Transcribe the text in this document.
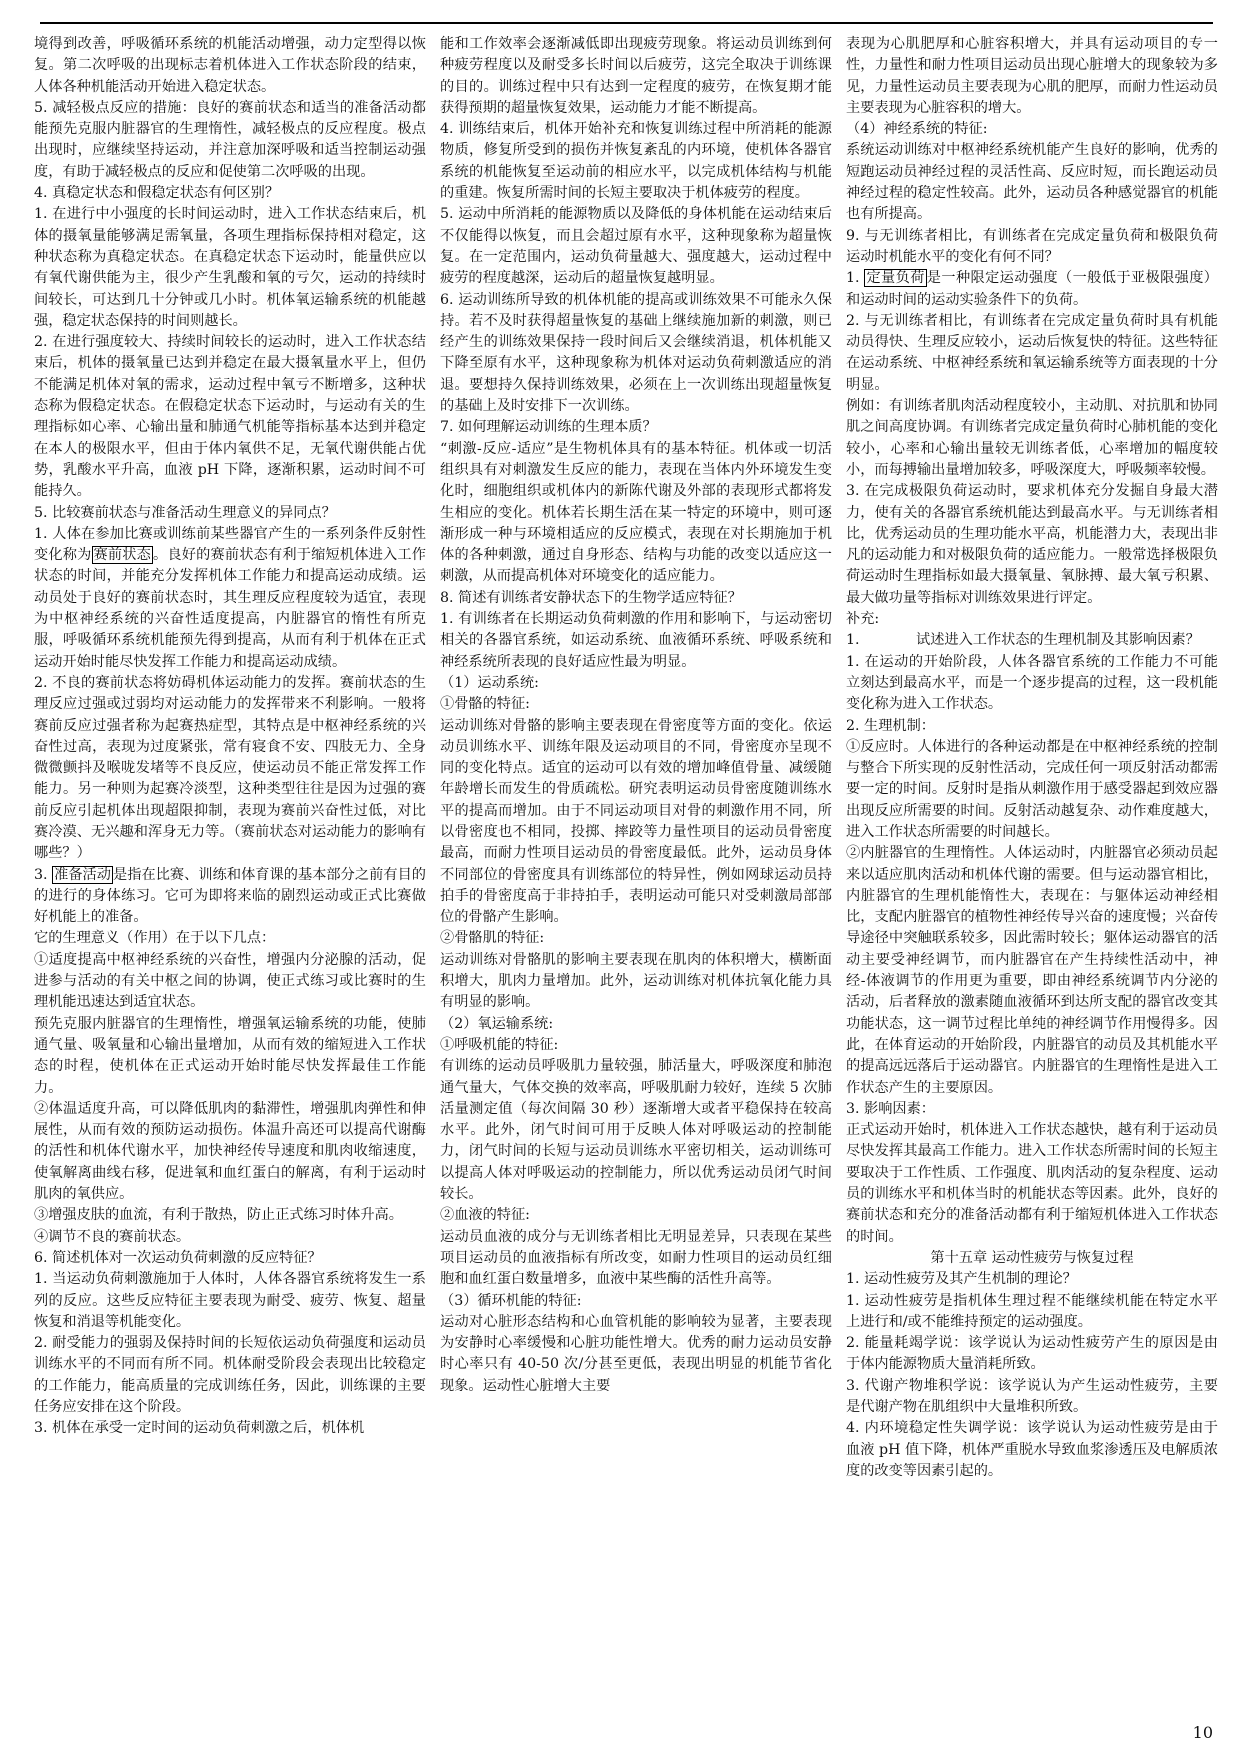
境得到改善，呼吸循环系统的机能活动增强，动力定型得以恢复。第二次呼吸的出现标志着机体进入工作状态阶段的结束，人体各种机能活动开始进入稳定状态。

5. 减轻极点反应的措施：良好的赛前状态和适当的准备活动都能预先克服内脏器官的生理惰性，减轻极点的反应程度。极点出现时，应继续坚持运动，并注意加深呼吸和适当控制运动强度，有助于减轻极点的反应和促使第二次呼吸的出现。

4. 真稳定状态和假稳定状态有何区别？

1. 在进行中小强度的长时间运动时，进入工作状态结束后，机体的摄氧量能够满足需氧量，各项生理指标保持相对稳定，这种状态称为真稳定状态。在真稳定状态下运动时，能量供应以有氧代谢供能为主，很少产生乳酸和氧的亏欠，运动的持续时间较长，可达到几十分钟或几小时。机体氧运输系统的机能越强，稳定状态保持的时间则越长。

2. 在进行强度较大、持续时间较长的运动时，进入工作状态结束后，机体的摄氧量已达到并稳定在最大摄氧量水平上，但仍不能满足机体对氧的需求，运动过程中氧亏不断增多，这种状态称为假稳定状态。在假稳定状态下运动时，与运动有关的生理指标如心率、心输出量和肺通气机能等指标基本达到并稳定在本人的极限水平，但由于体内氧供不足，无氧代谢供能占优势，乳酸水平升高，血液 pH 下降，逐渐积累，运动时间不可能持久。

5. 比较赛前状态与准备活动生理意义的异同点？

1. 人体在参加比赛或训练前某些器官产生的一系列条件反射性变化称为 赛前状态 。良好的赛前状态有利于缩短机体进入工作状态的时间，并能充分发挥机体工作能力和提高运动成绩。运动员处于良好的赛前状态时，其生理反应程度较为适宜，表现为中枢神经系统的兴奋性适度提高，内脏器官的惰性有所克服，呼吸循环系统机能预先得到提高，从而有利于机体在正式运动开始时能尽快发挥工作能力和提高运动成绩。

2. 不良的赛前状态将妨碍机体运动能力的发挥。赛前状态的生理反应过强或过弱均对运动能力的发挥带来不利影响。一般将赛前反应过强者称为起赛热症型，其特点是中枢神经系统的兴奋性过高，表现为过度紧张，常有寝食不安、四肢无力、全身微微颤抖及喉咙发堵等不良反应，使运动员不能正常发挥工作能力。另一种则为起赛冷淡型，这种类型往往是因为过强的赛前反应引起机体出现超限抑制，表现为赛前兴奋性过低，对比赛冷漠、无兴趣和浑身无力等。（赛前状态对运动能力的影响有哪些？）

3. 准备活动 是指在比赛、训练和体育课的基本部分之前有目的的进行的身体练习。它可为即将来临的剧烈运动或正式比赛做好机能上的准备。

它的生理意义（作用）在于以下几点：

①适度提高中枢神经系统的兴奋性，增强内分泌腺的活动，促进参与活动的有关中枢之间的协调，使正式练习或比赛时的生理机能迅速达到适宜状态。

预先克服内脏器官的生理惰性，增强氧运输系统的功能，使肺通气量、吸氧量和心输出量增加，从而有效的缩短进入工作状态的时程，使机体在正式运动开始时能尽快发挥最佳工作能力。

②体温适度升高，可以降低肌肉的黏滞性，增强肌肉弹性和伸展性，从而有效的预防运动损伤。体温升高还可以提高代谢酶的活性和机体代谢水平，加快神经传导速度和肌肉收缩速度，使氧解离曲线右移，促进氧和血红蛋白的解离，有利于运动时肌肉的氧供应。

③增强皮肤的血流，有利于散热，防止正式练习时体升高。

④调节不良的赛前状态。

6. 简述机体对一次运动负荷刺激的反应特征？

1. 当运动负荷刺激施加于人体时，人体各器官系统将发生一系列的反应。这些反应特征主要表现为耐受、疲劳、恢复、超量恢复和消退等机能变化。

2. 耐受能力的强弱及保持时间的长短依运动负荷强度和运动员训练水平的不同而有所不同。机体耐受阶段会表现出比较稳定的工作能力，能高质量的完成训练任务，因此，训练课的主要任务应安排在这个阶段。

3. 机体在承受一定时间的运动负荷刺激之后，机体机

能和工作效率会逐渐减低即出现疲劳现象。将运动员训练到何种疲劳程度以及耐受多长时间以后疲劳，这完全取决于训练课的目的。训练过程中只有达到一定程度的疲劳，在恢复期才能获得预期的超量恢复效果，运动能力才能不断提高。

4. 训练结束后，机体开始补充和恢复训练过程中所消耗的能源物质，修复所受到的损伤并恢复紊乱的内环境，使机体各器官系统的机能恢复至运动前的相应水平，以完成机体结构与机能的重建。恢复所需时间的长短主要取决于机体疲劳的程度。

5. 运动中所消耗的能源物质以及降低的身体机能在运动结束后不仅能得以恢复，而且会超过原有水平，这种现象称为超量恢复。在一定范围内，运动负荷量越大、强度越大，运动过程中疲劳的程度越深，运动后的超量恢复越明显。

6. 运动训练所导致的机体机能的提高或训练效果不可能永久保持。若不及时获得超量恢复的基础上继续施加新的刺激，则已经产生的训练效果保持一段时间后又会继续消退，机体机能又下降至原有水平，这种现象称为机体对运动负荷刺激适应的消退。要想持久保持训练效果，必须在上一次训练出现超量恢复的基础上及时安排下一次训练。

7. 如何理解运动训练的生理本质？

“刺激-反应-适应”是生物机体具有的基本特征。机体或一切活组织具有对刺激发生反应的能力，表现在当体内外环境发生变化时，细胞组织或机体内的新陈代谢及外部的表现形式都将发生相应的变化。机体若长期生活在某一特定的环境中，则可逐渐形成一种与环境相适应的反应模式，表现在对长期施加于机体的各种刺激，通过自身形态、结构与功能的改变以适应这一刺激，从而提高机体对环境变化的适应能力。

8. 简述有训练者安静状态下的生物学适应特征？

1. 有训练者在长期运动负荷刺激的作用和影响下，与运动密切相关的各器官系统，如运动系统、血液循环系统、呼吸系统和神经系统所表现的良好适应性最为明显。

（1）运动系统:

①骨骼的特征:

运动训练对骨骼的影响主要表现在骨密度等方面的变化。依运动员训练水平、训练年限及运动项目的不同，骨密度亦呈现不同的变化特点。适宜的运动可以有效的增加峰值骨量、减缓随年龄增长而发生的骨质疏松。研究表明运动员骨密度随训练水平的提高而增加。由于不同运动项目对骨的刺激作用不同，所以骨密度也不相同，投掷、摔跤等力量性项目的运动员骨密度最高，而耐力性项目运动员的骨密度最低。此外，运动员身体不同部位的骨密度具有训练部位的特异性，例如网球运动员持拍手的骨密度高于非持拍手，表明运动可能只对受刺激局部部位的骨骼产生影响。

②骨骼肌的特征:

运动训练对骨骼肌的影响主要表现在肌肉的体积增大，横断面积增大，肌肉力量增加。此外，运动训练对机体抗氧化能力具有明显的影响。

（2）氧运输系统:

①呼吸机能的特征:

有训练的运动员呼吸肌力量较强，肺活量大，呼吸深度和肺泡通气量大，气体交换的效率高，呼吸肌耐力较好，连续 5 次肺活量测定值（每次间隔 30 秒）逐渐增大或者平稳保持在较高水平。此外，闭气时间可用于反映人体对呼吸运动的控制能力，闭气时间的长短与运动员训练水平密切相关，运动训练可以提高人体对呼吸运动的控制能力，所以优秀运动员闭气时间较长。

②血液的特征:

运动员血液的成分与无训练者相比无明显差异，只表现在某些项目运动员的血液指标有所改变，如耐力性项目的运动员红细胞和血红蛋白数量增多，血液中某些酶的活性升高等。

（3）循环机能的特征:

运动对心脏形态结构和心血管机能的影响较为显著，主要表现为安静时心率缓慢和心脏功能性增大。优秀的耐力运动员安静时心率只有 40-50 次/分甚至更低，表现出明显的机能节省化现象。运动性心脏增大主要

表现为心肌肥厚和心脏容积增大，并具有运动项目的专一性，力量性和耐力性项目运动员出现心脏增大的现象较为多见，力量性运动员主要表现为心肌的肥厚，而耐力性运动员主要表现为心脏容积的增大。

（4）神经系统的特征:

系统运动训练对中枢神经系统机能产生良好的影响，优秀的短跑运动员神经过程的灵活性高、反应时短，而长跑运动员神经过程的稳定性较高。此外，运动员各种感觉器官的机能也有所提高。

9. 与无训练者相比，有训练者在完成定量负荷和极限负荷运动时机能水平的变化有何不同？

1. 定量负荷 是一种限定运动强度（一般低于亚极限强度）和运动时间的运动实验条件下的负荷。

2. 与无训练者相比，有训练者在完成定量负荷时具有机能动员得快、生理反应较小，运动后恢复快的特征。这些特征在运动系统、中枢神经系统和氧运输系统等方面表现的十分明显。

例如：有训练者肌肉活动程度较小，主动肌、对抗肌和协同肌之间高度协调。有训练者完成定量负荷时心肺机能的变化较小，心率和心输出量较无训练者低，心率增加的幅度较小，而每搏输出量增加较多，呼吸深度大，呼吸频率较慢。

3. 在完成极限负荷运动时，要求机体充分发掘自身最大潜力，使有关的各器官系统机能达到最高水平。与无训练者相比，优秀运动员的生理功能水平高，机能潜力大，表现出非凡的运动能力和对极限负荷的适应能力。一般常选择极限负荷运动时生理指标如最大摄氧量、氧脉搏、最大氧亏积累、最大做功量等指标对训练效果进行评定。

补充:

1.	试述进入工作状态的生理机制及其影响因素？

1. 在运动的开始阶段，人体各器官系统的工作能力不可能立刻达到最高水平，而是一个逐步提高的过程，这一段机能变化称为进入工作状态。

2. 生理机制：

①反应时。人体进行的各种运动都是在中枢神经系统的控制与整合下所实现的反射性活动，完成任何一项反射活动都需要一定的时间。反射时是指从刺激作用于感受器起到效应器出现反应所需要的时间。反射活动越复杂、动作难度越大，进入工作状态所需要的时间越长。

②内脏器官的生理惰性。人体运动时，内脏器官必须动员起来以适应肌肉活动和机体代谢的需要。但与运动器官相比，内脏器官的生理机能惰性大，表现在：与躯体运动神经相比，支配内脏器官的植物性神经传导兴奋的速度慢；兴奋传导途径中突触联系较多，因此需时较长；躯体运动器官的活动主要受神经调节，而内脏器官在产生持续性活动中，神经-体液调节的作用更为重要，即由神经系统调节内分泌的活动，后者释放的激素随血液循环到达所支配的器官改变其功能状态，这一调节过程比单纯的神经调节作用慢得多。因此，在体育运动的开始阶段，内脏器官的动员及其机能水平的提高远远落后于运动器官。内脏器官的生理惰性是进入工作状态产生的主要原因。

3. 影响因素：

正式运动开始时，机体进入工作状态越快，越有利于运动员尽快发挥其最高工作能力。进入工作状态所需时间的长短主要取决于工作性质、工作强度、肌肉活动的复杂程度、运动员的训练水平和机体当时的机能状态等因素。此外，良好的赛前状态和充分的准备活动都有利于缩短机体进入工作状态的时间。

第十五章 运动性疲劳与恢复过程

1. 运动性疲劳及其产生机制的理论？

1. 运动性疲劳是指机体生理过程不能继续机能在特定水平上进行和/或不能维持预定的运动强度。

2. 能量耗竭学说：该学说认为运动性疲劳产生的原因是由于体内能源物质大量消耗所致。

3. 代谢产物堆积学说：该学说认为产生运动性疲劳，主要是代谢产物在肌组织中大量堆积所致。

4. 内环境稳定性失调学说：该学说认为运动性疲劳是由于血液 pH 值下降，机体严重脱水导致血浆渗透压及电解质浓度的改变等因素引起的。

10
